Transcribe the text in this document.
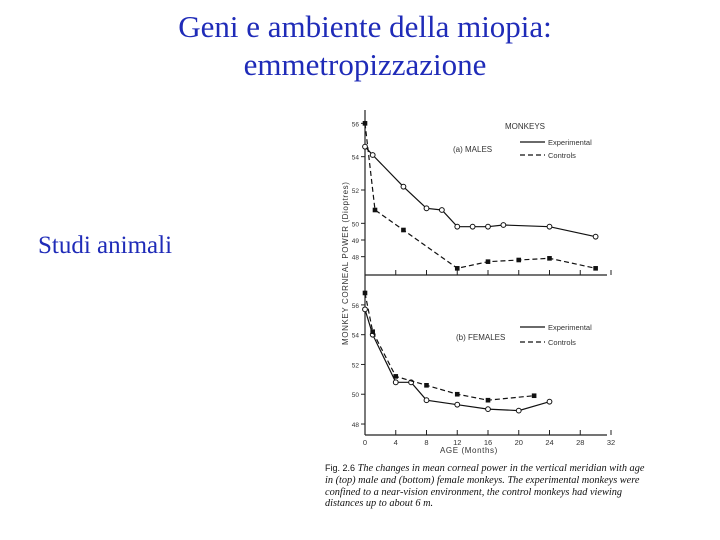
Geni e ambiente della miopia:
emmetropizzazione
Studi animali	MONKEY CORNEAL POWER (Dioptres)
MONKEYS
(a) MALES
Experimental
Controls
48
49
50
52
54
56
(b) FEMALES
Experimental
Controls
0	4	8	12	16	20	24	28	32
48
50
52
54
56
AGE (Months)
Fig. 2.6 The changes in mean corneal power in the vertical meridian with age in (top) male and (bottom) female monkeys. The experimental monkeys were confined to a near-vision environment, the control monkeys had viewing distances up to about 6 m.
